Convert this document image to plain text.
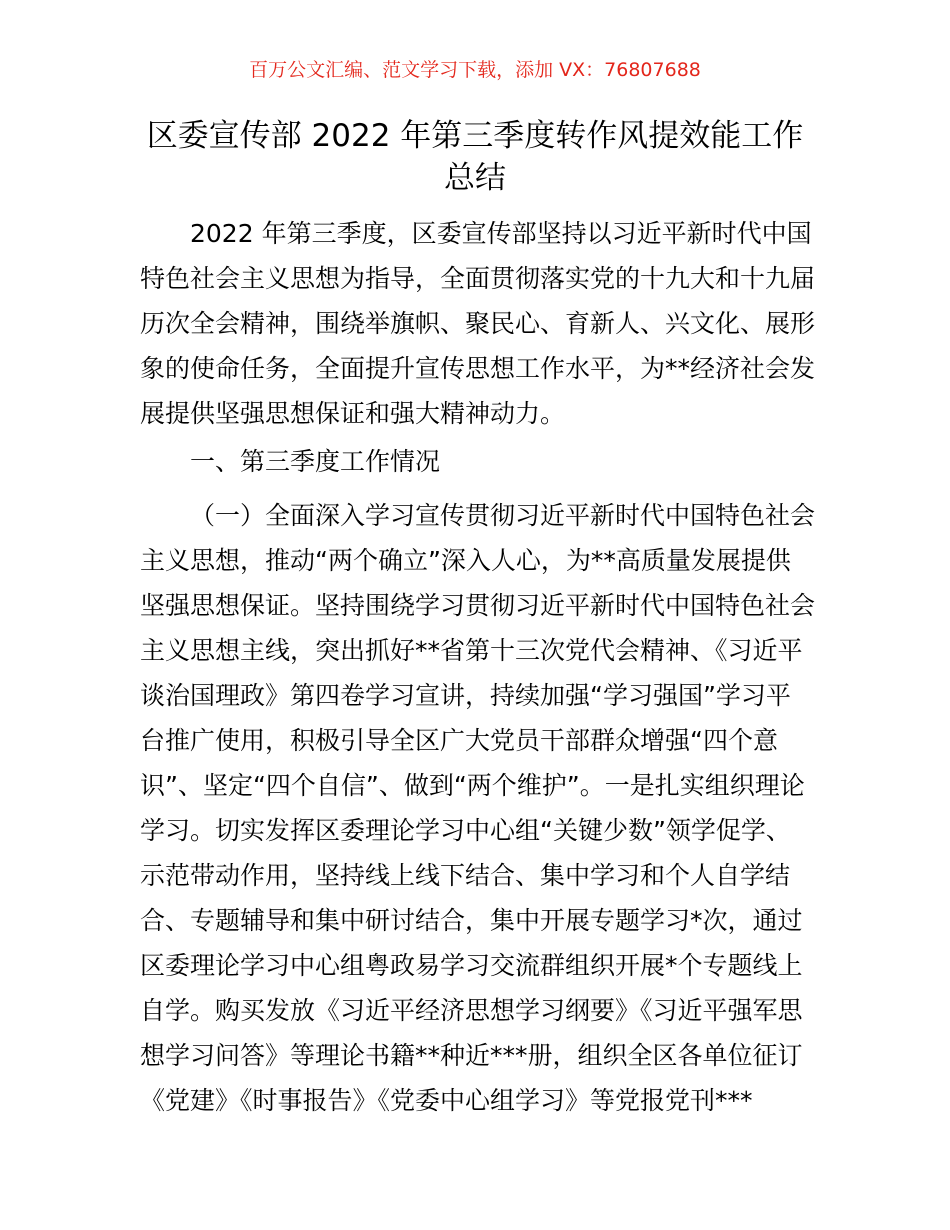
百万公文汇编、范文学习下载，添加 VX：76807688
区委宣传部 2022 年第三季度转作风提效能工作
总结
2022 年第三季度，区委宣传部坚持以习近平新时代中国
特色社会主义思想为指导，全面贯彻落实党的十九大和十九届
历次全会精神，围绕举旗帜、聚民心、育新人、兴文化、展形
象的使命任务，全面提升宣传思想工作水平，为**经济社会发
展提供坚强思想保证和强大精神动力。
一、第三季度工作情况
（一）全面深入学习宣传贯彻习近平新时代中国特色社会
主义思想，推动“两个确立”深入人心，为**高质量发展提供
坚强思想保证。坚持围绕学习贯彻习近平新时代中国特色社会
主义思想主线，突出抓好**省第十三次党代会精神、《习近平
谈治国理政》第四卷学习宣讲，持续加强“学习强国”学习平
台推广使用，积极引导全区广大党员干部群众增强“四个意
识”、坚定“四个自信”、做到“两个维护”。一是扎实组织理论
学习。切实发挥区委理论学习中心组“关键少数”领学促学、
示范带动作用，坚持线上线下结合、集中学习和个人自学结
合、专题辅导和集中研讨结合，集中开展专题学习*次，通过
区委理论学习中心组粤政易学习交流群组织开展*个专题线上
自学。购买发放《习近平经济思想学习纲要》《习近平强军思
想学习问答》等理论书籍**种近***册，组织全区各单位征订
《党建》《时事报告》《党委中心组学习》等党报党刊***
